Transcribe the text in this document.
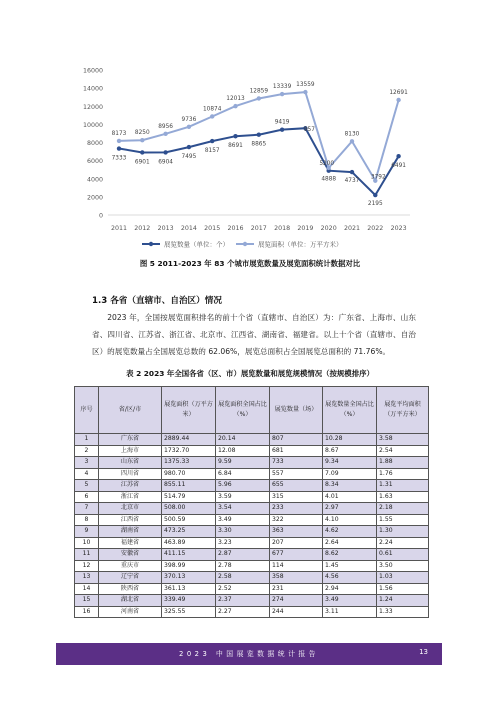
0
2000
4000
6000
8000
10000
12000
14000
16000
2011 2012 2013 2014 2015 2016 2017 2018 2019 2020 2021 2022 2023
7333
6901 6904
7495
8157
8691 8865
9419
957
4888 4737
2195
6491
8173 8250
8956
9736
10874
12013
12859
13339 13559
5200
8130
3792
12691
展览数量（单位：个）	展览面积（单位：万平方米）
图 5 2011-2023 年 83 个城市展览数量及展览面积统计数据对比
1.3 各省（直辖市、自治区）情况

2023 年，全国按展览面积排名的前十个省（直辖市、自治区）为：广东省、上海市、山东省、四川省、江苏省、浙江省、北京市、江西省、湖南省、福建省。以上十个省（直辖市、自治区）的展览数量占全国展览总数的 62.06%，展览总面积占全国展览总面积的 71.76%。

表 2 2023 年全国各省（区、市）展览数量和展览规模情况（按规模排序）
序号	省/区/市	展览面积（万平方米）	展览面积全国占比（%）	展览数量（场）	展览数量全国占比（%）	展览平均面积（万平方米）
1	广东省	2889.44	20.14	807	10.28	3.58
2	上海市	1732.70	12.08	681	8.67	2.54
3	山东省	1375.33	9.59	733	9.34	1.88
4	四川省	980.70	6.84	557	7.09	1.76
5	江苏省	855.11	5.96	655	8.34	1.31
6	浙江省	514.79	3.59	315	4.01	1.63
7	北京市	508.00	3.54	233	2.97	2.18
8	江西省	500.59	3.49	322	4.10	1.55
9	湖南省	473.25	3.30	363	4.62	1.30
10	福建省	463.89	3.23	207	2.64	2.24
11	安徽省	411.15	2.87	677	8.62	0.61
12	重庆市	398.99	2.78	114	1.45	3.50
13	辽宁省	370.13	2.58	358	4.56	1.03
14	陕西省	361.13	2.52	231	2.94	1.56
15	湖北省	339.49	2.37	274	3.49	1.24
16	河南省	325.55	2.27	244	3.11	1.33
2023 中国展览数据统计报告	13
